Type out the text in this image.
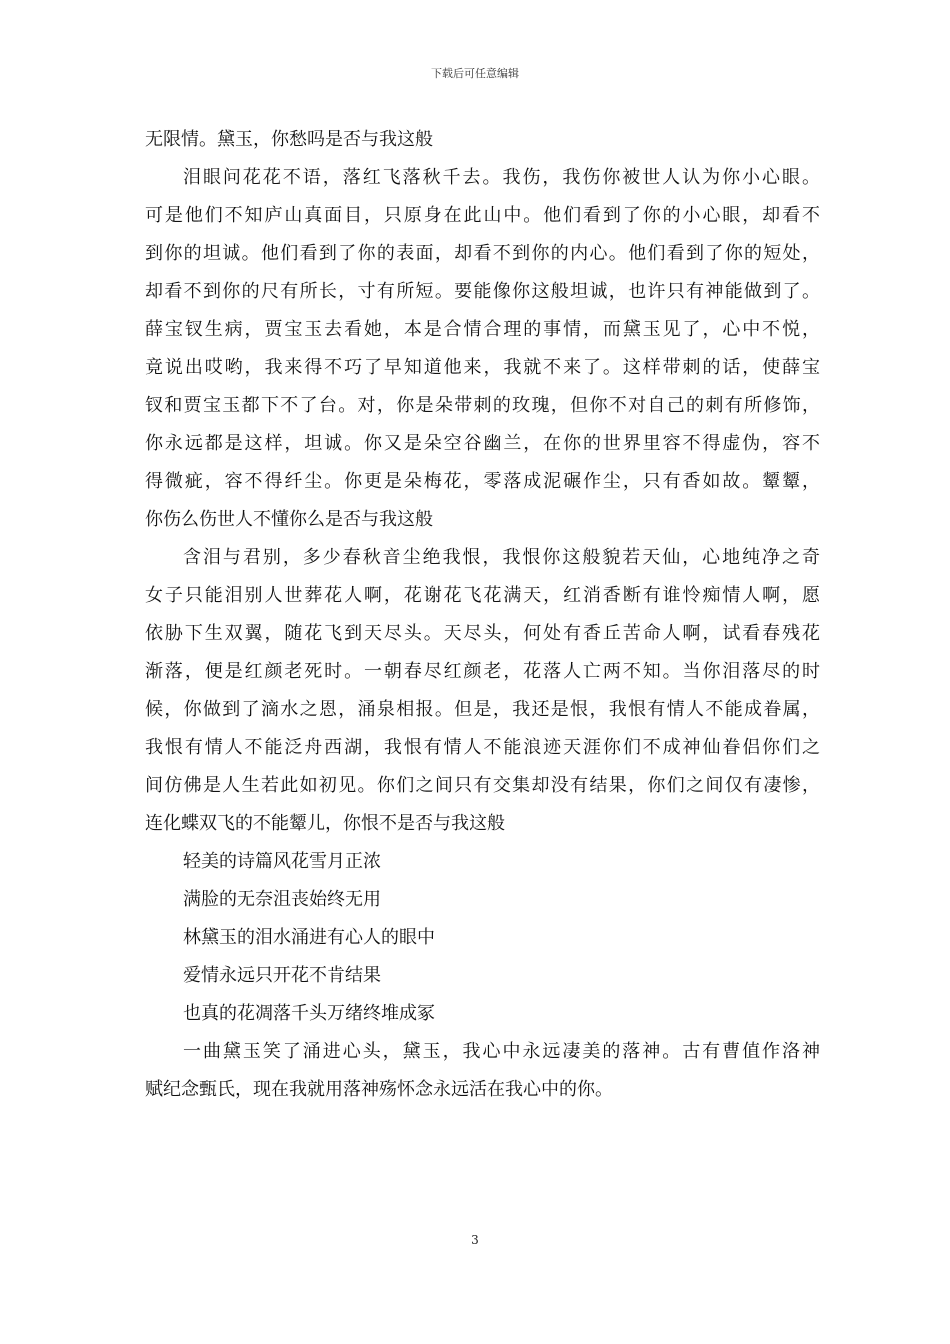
下载后可任意编辑
无限情。黛玉，你愁吗是否与我这般
泪眼问花花不语，落红飞落秋千去。我伤，我伤你被世人认为你小心眼。
可是他们不知庐山真面目，只原身在此山中。他们看到了你的小心眼，却看不
到你的坦诚。他们看到了你的表面，却看不到你的内心。他们看到了你的短处，
却看不到你的尺有所长，寸有所短。要能像你这般坦诚，也许只有神能做到了。
薛宝钗生病，贾宝玉去看她，本是合情合理的事情，而黛玉见了，心中不悦，
竟说出哎哟，我来得不巧了早知道他来，我就不来了。这样带刺的话，使薛宝
钗和贾宝玉都下不了台。对，你是朵带刺的玫瑰，但你不对自己的刺有所修饰，
你永远都是这样，坦诚。你又是朵空谷幽兰，在你的世界里容不得虚伪，容不
得微疵，容不得纤尘。你更是朵梅花，零落成泥碾作尘，只有香如故。颦颦，
你伤么伤世人不懂你么是否与我这般
含泪与君别，多少春秋音尘绝我恨，我恨你这般貌若天仙，心地纯净之奇
女子只能泪别人世葬花人啊，花谢花飞花满天，红消香断有谁怜痴情人啊，愿
依胁下生双翼，随花飞到天尽头。天尽头，何处有香丘苦命人啊，试看春残花
渐落，便是红颜老死时。一朝春尽红颜老，花落人亡两不知。当你泪落尽的时
候，你做到了滴水之恩，涌泉相报。但是，我还是恨，我恨有情人不能成眷属，
我恨有情人不能泛舟西湖，我恨有情人不能浪迹天涯你们不成神仙眷侣你们之
间仿佛是人生若此如初见。你们之间只有交集却没有结果，你们之间仅有凄惨，
连化蝶双飞的不能颦儿，你恨不是否与我这般
轻美的诗篇风花雪月正浓
满脸的无奈沮丧始终无用
林黛玉的泪水涌进有心人的眼中
爱情永远只开花不肯结果
也真的花凋落千头万绪终堆成冢
一曲黛玉笑了涌进心头，黛玉，我心中永远凄美的落神。古有曹值作洛神
赋纪念甄氏，现在我就用落神殇怀念永远活在我心中的你。
3
